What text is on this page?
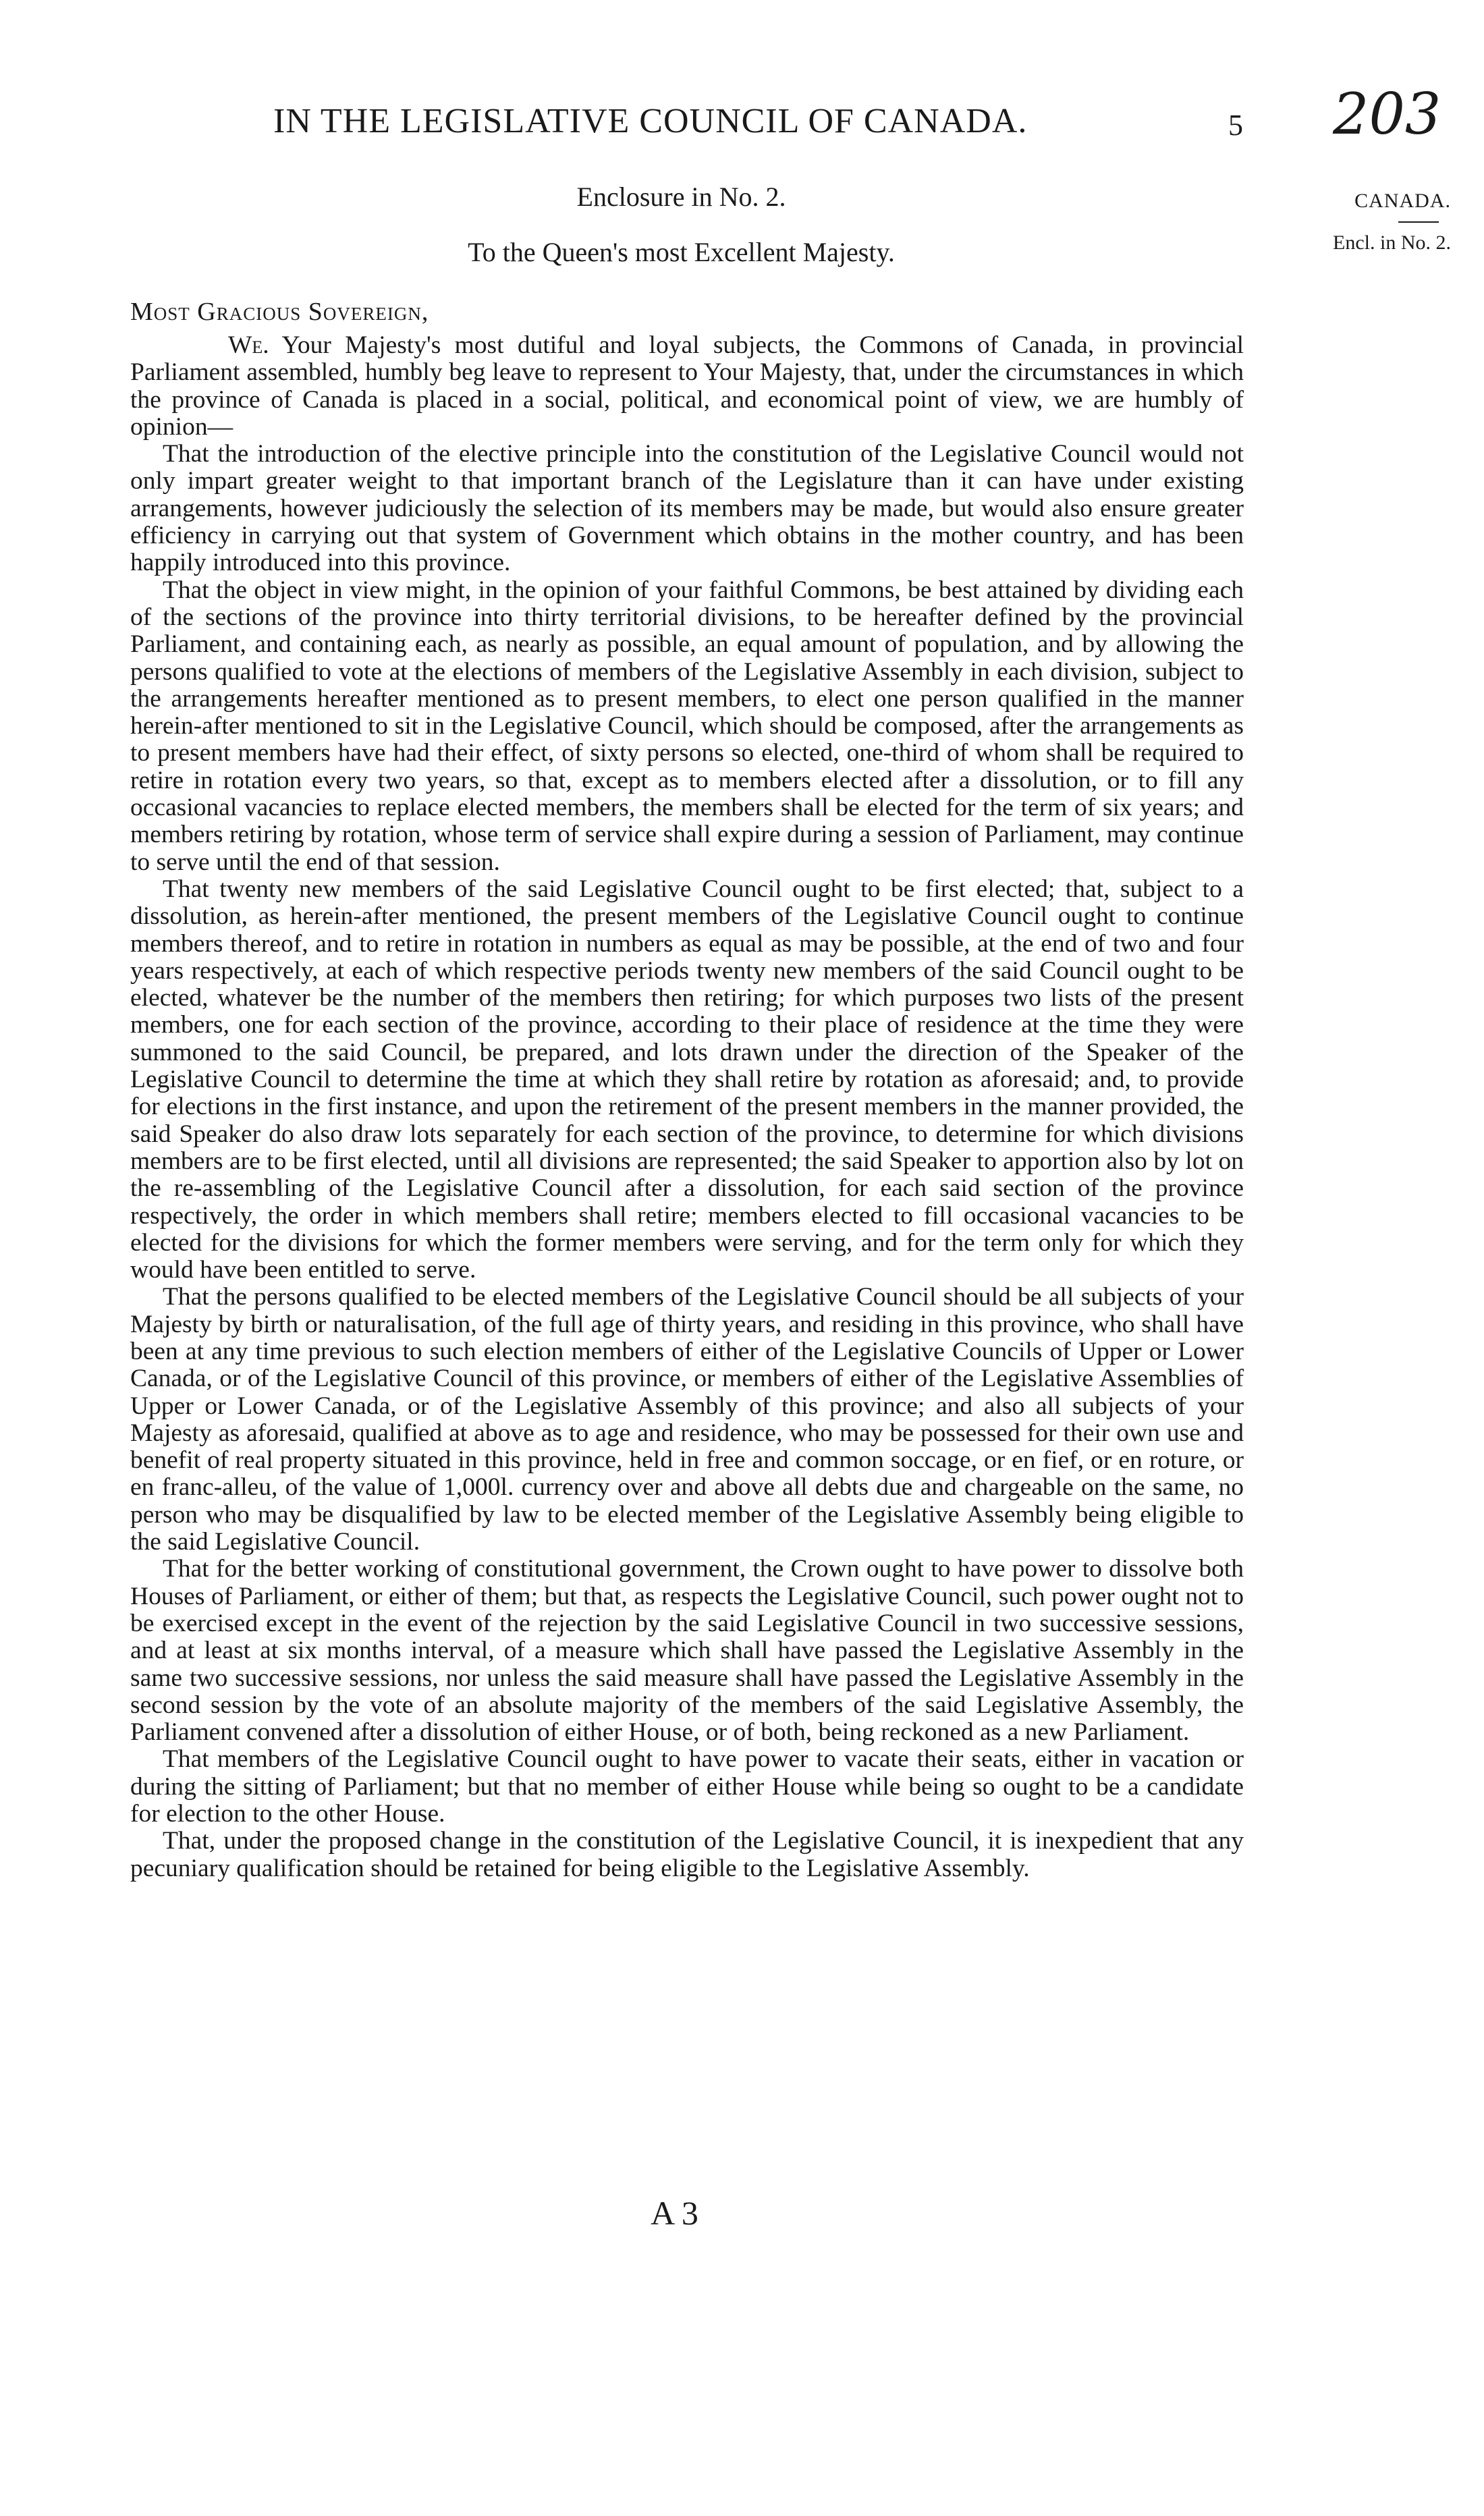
IN THE LEGISLATIVE COUNCIL OF CANADA.	5 203
Enclosure in No. 2.
To the Queen's most Excellent Majesty.
CANADA.
Encl. in No. 2.
Most Gracious Sovereign,

We. Your Majesty's most dutiful and loyal subjects, the Commons of Canada, in provincial Parliament assembled, humbly beg leave to represent to Your Majesty, that, under the circumstances in which the province of Canada is placed in a social, political, and economical point of view, we are humbly of opinion—

That the introduction of the elective principle into the constitution of the Legislative Council would not only impart greater weight to that important branch of the Legislature than it can have under existing arrangements, however judiciously the selection of its members may be made, but would also ensure greater efficiency in carrying out that system of Government which obtains in the mother country, and has been happily introduced into this province.

That the object in view might, in the opinion of your faithful Commons, be best attained by dividing each of the sections of the province into thirty territorial divisions, to be hereafter defined by the provincial Parliament, and containing each, as nearly as possible, an equal amount of population, and by allowing the persons qualified to vote at the elections of members of the Legislative Assembly in each division, subject to the arrangements hereafter mentioned as to present members, to elect one person qualified in the manner herein-after mentioned to sit in the Legislative Council, which should be composed, after the arrangements as to present members have had their effect, of sixty persons so elected, one-third of whom shall be required to retire in rotation every two years, so that, except as to members elected after a dissolution, or to fill any occasional vacancies to replace elected members, the members shall be elected for the term of six years; and members retiring by rotation, whose term of service shall expire during a session of Parliament, may continue to serve until the end of that session.

That twenty new members of the said Legislative Council ought to be first elected; that, subject to a dissolution, as herein-after mentioned, the present members of the Legislative Council ought to continue members thereof, and to retire in rotation in numbers as equal as may be possible, at the end of two and four years respectively, at each of which respective periods twenty new members of the said Council ought to be elected, whatever be the number of the members then retiring; for which purposes two lists of the present members, one for each section of the province, according to their place of residence at the time they were summoned to the said Council, be prepared, and lots drawn under the direction of the Speaker of the Legislative Council to determine the time at which they shall retire by rotation as aforesaid; and, to provide for elections in the first instance, and upon the retirement of the present members in the manner provided, the said Speaker do also draw lots separately for each section of the province, to determine for which divisions members are to be first elected, until all divisions are represented; the said Speaker to apportion also by lot on the re-assembling of the Legislative Council after a dissolution, for each said section of the province respectively, the order in which members shall retire; members elected to fill occasional vacancies to be elected for the divisions for which the former members were serving, and for the term only for which they would have been entitled to serve.

That the persons qualified to be elected members of the Legislative Council should be all subjects of your Majesty by birth or naturalisation, of the full age of thirty years, and residing in this province, who shall have been at any time previous to such election members of either of the Legislative Councils of Upper or Lower Canada, or of the Legislative Council of this province, or members of either of the Legislative Assemblies of Upper or Lower Canada, or of the Legislative Assembly of this province; and also all subjects of your Majesty as aforesaid, qualified at above as to age and residence, who may be possessed for their own use and benefit of real property situated in this province, held in free and common soccage, or en fief, or en roture, or en franc-alleu, of the value of 1,000l. currency over and above all debts due and chargeable on the same, no person who may be disqualified by law to be elected member of the Legislative Assembly being eligible to the said Legislative Council.

That for the better working of constitutional government, the Crown ought to have power to dissolve both Houses of Parliament, or either of them; but that, as respects the Legislative Council, such power ought not to be exercised except in the event of the rejection by the said Legislative Council in two successive sessions, and at least at six months interval, of a measure which shall have passed the Legislative Assembly in the same two successive sessions, nor unless the said measure shall have passed the Legislative Assembly in the second session by the vote of an absolute majority of the members of the said Legislative Assembly, the Parliament convened after a dissolution of either House, or of both, being reckoned as a new Parliament.

That members of the Legislative Council ought to have power to vacate their seats, either in vacation or during the sitting of Parliament; but that no member of either House while being so ought to be a candidate for election to the other House.

That, under the proposed change in the constitution of the Legislative Council, it is inexpedient that any pecuniary qualification should be retained for being eligible to the Legislative Assembly.

A 3
